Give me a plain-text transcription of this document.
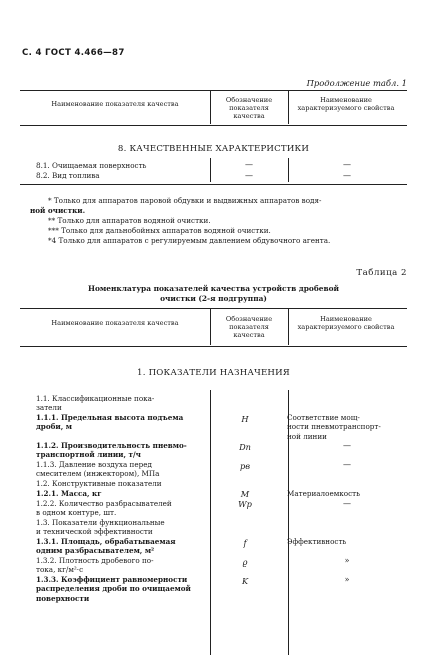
С. 4 ГОСТ 4.466—87
Продолжение табл. 1
Наименование показателя качества	Обозначение показателя качества
Наименование характеризуемого свойства
8. КАЧЕСТВЕННЫЕ ХАРАКТЕРИСТИКИ
8.1. Очищаемая поверхность	—	—
8.2. Вид топлива	—	—
* Только для аппаратов паровой обдувки и выдвижных аппаратов водя-
ной очистки.
** Только для аппаратов водяной очистки.
*** Только для дальнобойных аппаратов водяной очистки.
*4 Только для аппаратов с регулируемым давлением обдувочного агента.
Таблица 2
Номенклатура показателей качества устройств дробевой
очистки (2-я подгруппа)
Наименование показателя качества	Обозначение показателя качества
Наименование характеризуемого свойства
1. ПОКАЗАТЕЛИ НАЗНАЧЕНИЯ
1.1. Классификационные пока-
затели
1.1.1. Предельная высота подъема
дроби, м
H	Соответствие мощ-
ности пневмотранспорт-
ной линии
1.1.2. Производительность пневмо-
транспортной линии, т/ч
Dп	—
1.1.3. Давление воздуха перед
смесителем (инжектором), МПа
pв	—
1.2. Конструктивные показатели
1.2.1. Масса, кг	M	Материалоемкость
1.2.2. Количество разбрасывателей
в одном контуре, шт.
Wр	—
1.3. Показатели функциональные
и технической эффективности
1.3.1. Площадь, обрабатываемая
одним разбрасывателем, м²
f	Эффективность
1.3.2. Плотность дробевого по-
тока, кг/м²·с
ϱ	»
1.3.3. Коэффициент равномерности
распределения дроби по очищаемой
поверхности
K	»
